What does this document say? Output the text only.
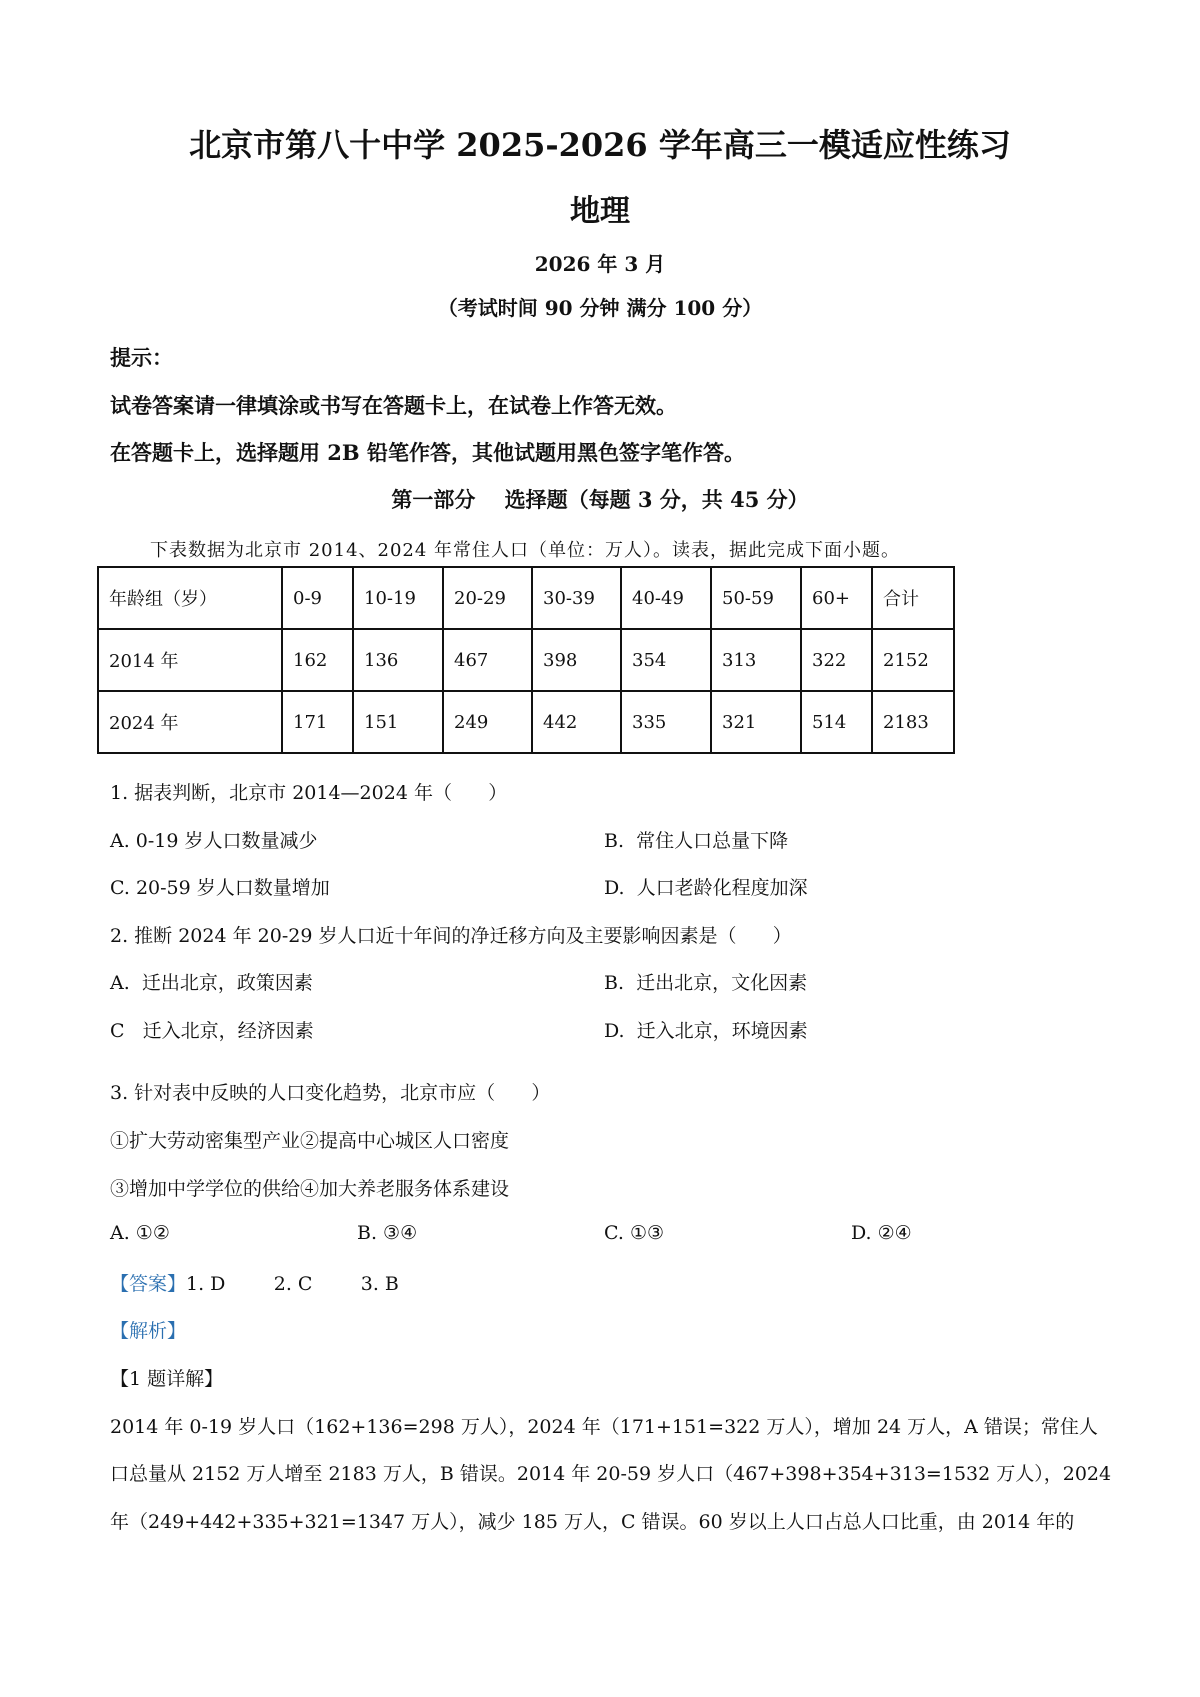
北京市第八十中学 2025-2026 学年高三一模适应性练习
地理
2026 年 3 月
（考试时间 90 分钟 满分 100 分）
提示：
试卷答案请一律填涂或书写在答题卡上，在试卷上作答无效。
在答题卡上，选择题用 2B 铅笔作答，其他试题用黑色签字笔作答。
第一部分    选择题（每题 3 分，共 45 分）
下表数据为北京市 2014、2024 年常住人口（单位：万人）。读表，据此完成下面小题。
年龄组（岁）	0-9	10-19	20-29	30-39	40-49	50-59	60+	合计
2014 年	162	136	467	398	354	313	322	2152
2024 年	171	151	249	442	335	321	514	2183
1. 据表判断，北京市 2014—2024 年（      ）
A. 0-19 岁人口数量减少	B.  常住人口总量下降
C. 20-59 岁人口数量增加	D.  人口老龄化程度加深
2. 推断 2024 年 20-29 岁人口近十年间的净迁移方向及主要影响因素是（      ）
A.  迁出北京，政策因素	B.  迁出北京，文化因素
C   迁入北京，经济因素	D.  迁入北京，环境因素
3. 针对表中反映的人口变化趋势，北京市应（      ）
①扩大劳动密集型产业②提高中心城区人口密度
③增加中学学位的供给④加大养老服务体系建设
A. ①②	B. ③④	C. ①③	D. ②④
【答案】1. D        2. C        3. B
【解析】
【1 题详解】
2014 年 0-19 岁人口（162+136=298 万人），2024 年（171+151=322 万人），增加 24 万人，A 错误；常住人
口总量从 2152 万人增至 2183 万人，B 错误。2014 年 20-59 岁人口（467+398+354+313=1532 万人），2024
年（249+442+335+321=1347 万人），减少 185 万人，C 错误。60 岁以上人口占总人口比重，由 2014 年的
